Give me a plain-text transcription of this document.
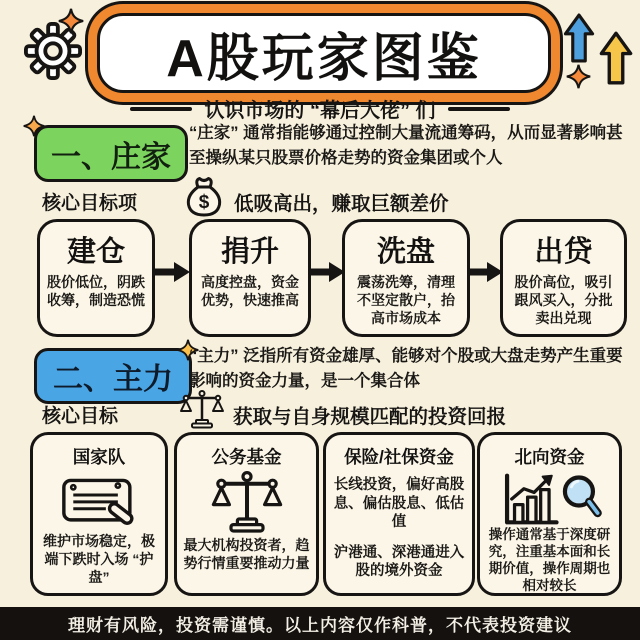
A股玩家图鉴
认识市场的 “幕后大佬” 们
一、庄家
“庄家” 通常指能够通过控制大量流通筹码，从而显著影响甚至操纵某只股票价格走势的资金集团或个人
核心目标项	$ 低吸高出，赚取巨额差价
建仓
股价低位，阴跌收筹，制造恐慌
捐升
高度控盘，资金优势，快速推高
洗盘
震荡洗筹，清理不坚定散户，抬高市场成本
出贷
股价高位，吸引跟风买入，分批卖出兑现
二、主力
“主力” 泛指所有资金雄厚、能够对个股或大盘走势产生重要影响的资金力量，是一个集合体
核心目标	获取与自身规模匹配的投资回报
国家队
维护市场稳定，极端下跌时入场 “护盘”
公务基金
最大机构投资者，趋势行情重要推动力量
保险/社保资金
长线投资，偏好高股息、偏估股息、低估值
沪港通、深港通进入股的境外资金
北向资金
操作通常基于深度研究，注重基本面和长期价值，操作周期也相对较长
理财有风险，投资需谨慎。以上内容仅作科普，不代表投资建议
